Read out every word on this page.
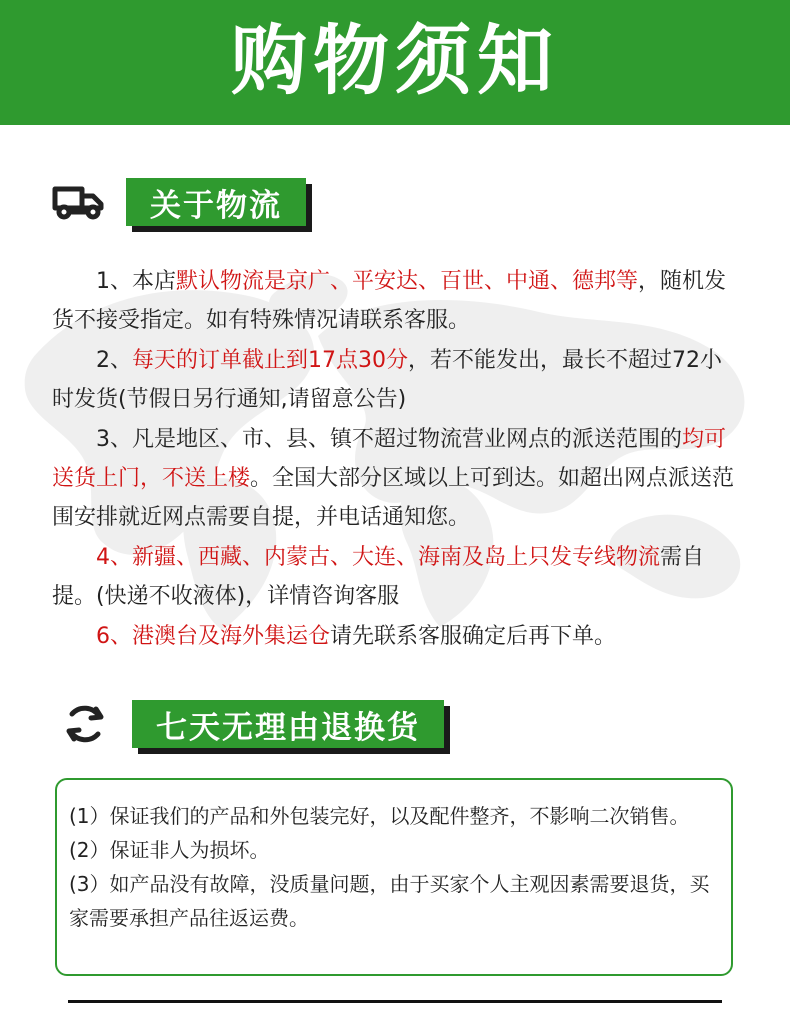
购物须知
关于物流

1、本店默认物流是京广、平安达、百世、中通、德邦等，随机发货不接受指定。如有特殊情况请联系客服。

2、每天的订单截止到17点30分，若不能发出，最长不超过72小时发货(节假日另行通知,请留意公告)

3、凡是地区、市、县、镇不超过物流营业网点的派送范围的均可送货上门，不送上楼。全国大部分区域以上可到达。如超出网点派送范围安排就近网点需要自提，并电话通知您。

4、新疆、西藏、内蒙古、大连、海南及岛上只发专线物流需自提。(快递不收液体)，详情咨询客服

6、港澳台及海外集运仓请先联系客服确定后再下单。

七天无理由退换货

(1）保证我们的产品和外包装完好，以及配件整齐，不影响二次销售。

(2）保证非人为损坏。

(3）如产品没有故障，没质量问题，由于买家个人主观因素需要退货，买家需要承担产品往返运费。
